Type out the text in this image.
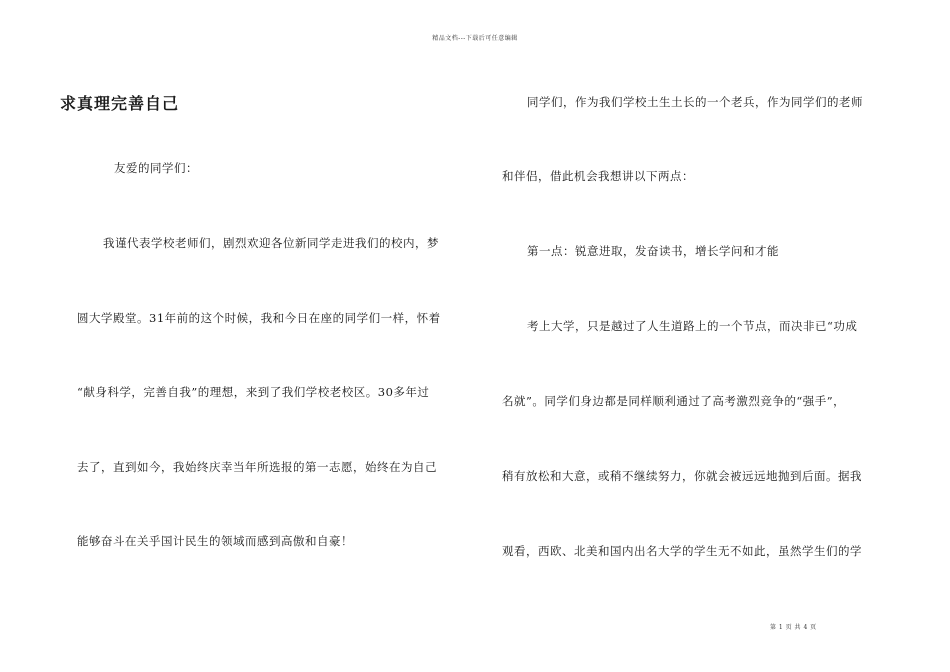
精品文档---下载后可任意编辑
求真理完善自己
友爱的同学们：
我谨代表学校老师们，剧烈欢迎各位新同学走进我们的校内，梦
圆大学殿堂。31年前的这个时候，我和今日在座的同学们一样，怀着
“献身科学，完善自我”的理想，来到了我们学校老校区。30多年过
去了，直到如今，我始终庆幸当年所选报的第一志愿，始终在为自己
能够奋斗在关乎国计民生的领域而感到高傲和自豪！
同学们，作为我们学校土生土长的一个老兵，作为同学们的老师
和伴侣，借此机会我想讲以下两点：
第一点：锐意进取，发奋读书，增长学问和才能
考上大学，只是越过了人生道路上的一个节点，而决非已“功成
名就”。同学们身边都是同样顺利通过了高考激烈竞争的“强手”，
稍有放松和大意，或稍不继续努力，你就会被远远地抛到后面。据我
观看，西欧、北美和国内出名大学的学生无不如此，虽然学生们的学
第 1 页 共 4 页
